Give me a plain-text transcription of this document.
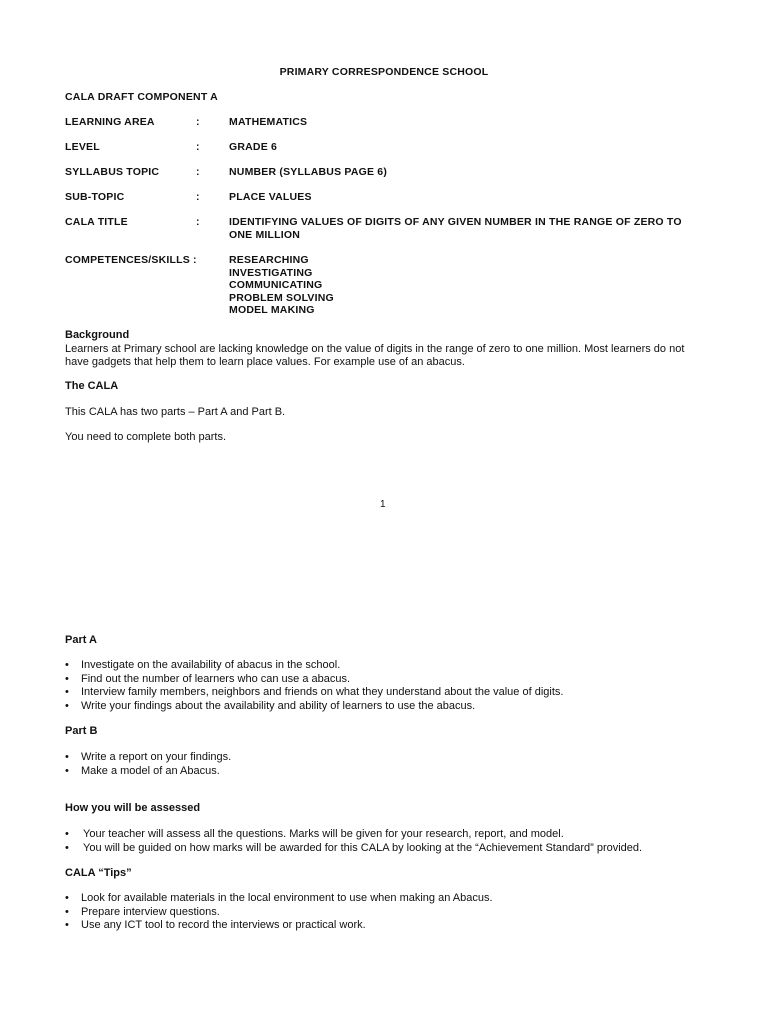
PRIMARY CORRESPONDENCE SCHOOL
CALA DRAFT COMPONENT A
LEARNING AREA	:	MATHEMATICS
LEVEL	:	GRADE 6
SYLLABUS TOPIC	:	NUMBER (SYLLABUS PAGE 6)
SUB-TOPIC	:	PLACE VALUES
CALA TITLE	:	IDENTIFYING VALUES OF DIGITS OF ANY GIVEN NUMBER IN THE RANGE OF ZERO TO ONE MILLION
COMPETENCES/SKILLS :	RESEARCHING
INVESTIGATING
COMMUNICATING
PROBLEM SOLVING
MODEL MAKING
Background
Learners at Primary school are lacking knowledge on the value of digits in the range of zero to one million. Most learners do not have gadgets that help them to learn place values. For example use of an abacus.
The CALA
This CALA has two parts – Part A and Part B.
You need to complete both parts.
1
Part A
• Investigate on the availability of abacus in the school.
• Find out the number of learners who can use a abacus.
• Interview family members, neighbors and friends on what they understand about the value of digits.
• Write your findings about the availability and ability of learners to use the abacus.
Part B
• Write a report on your findings.
• Make a model of an Abacus.
How you will be assessed
• Your teacher will assess all the questions. Marks will be given for your research, report, and model.
• You will be guided on how marks will be awarded for this CALA by looking at the “Achievement Standard” provided.
CALA “Tips”
• Look for available materials in the local environment to use when making an Abacus.
• Prepare interview questions.
• Use any ICT tool to record the interviews or practical work.
